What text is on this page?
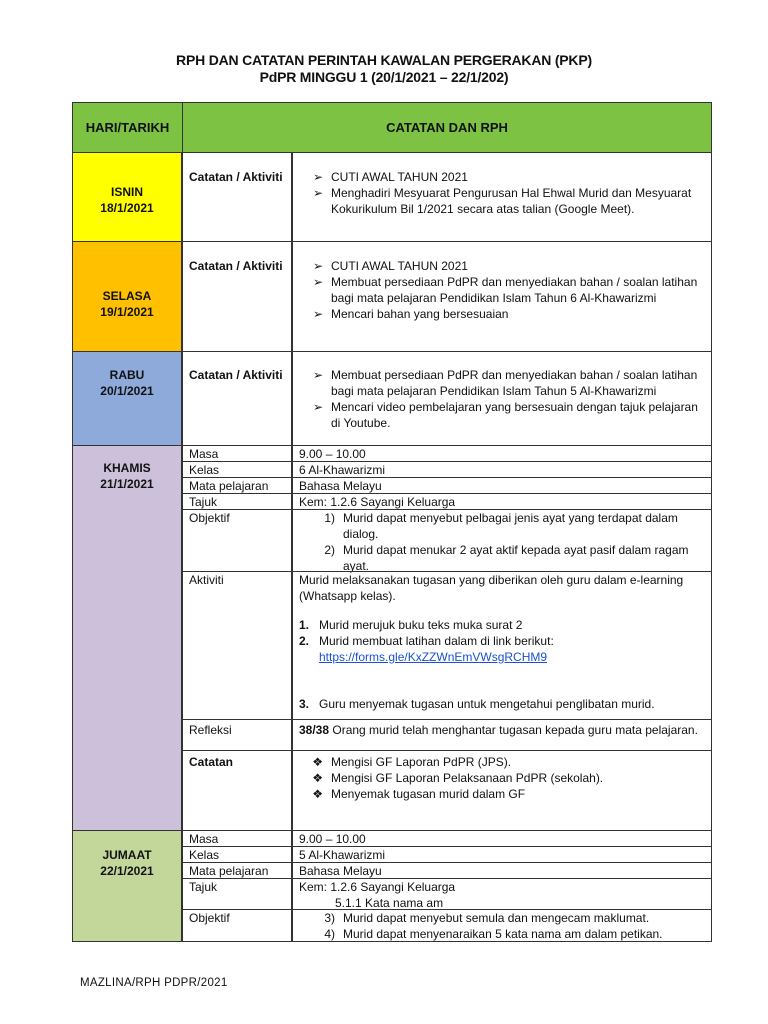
RPH DAN CATATAN PERINTAH KAWALAN PERGERAKAN (PKP)
PdPR MINGGU 1 (20/1/2021 – 22/1/202)
HARI/TARIKH	CATATAN DAN RPH
ISNIN
18/1/2021
Catatan / Aktiviti	➢ CUTI AWAL TAHUN 2021
➢ Menghadiri Mesyuarat Pengurusan Hal Ehwal Murid dan Mesyuarat Kokurikulum Bil 1/2021 secara atas talian (Google Meet).
SELASA
19/1/2021
Catatan / Aktiviti	➢ CUTI AWAL TAHUN 2021
➢ Membuat persediaan PdPR dan menyediakan bahan / soalan latihan bagi mata pelajaran Pendidikan Islam Tahun 6 Al-Khawarizmi
➢ Mencari bahan yang bersesuaian
RABU
20/1/2021
Catatan / Aktiviti	➢ Membuat persediaan PdPR dan menyediakan bahan / soalan latihan bagi mata pelajaran Pendidikan Islam Tahun 5 Al-Khawarizmi
➢ Mencari video pembelajaran yang bersesuain dengan tajuk pelajaran di Youtube.
KHAMIS
21/1/2021
Masa	9.00 – 10.00
Kelas	6 Al-Khawarizmi
Mata pelajaran	Bahasa Melayu
Tajuk	Kem: 1.2.6 Sayangi Keluarga
Objektif	1) Murid dapat menyebut pelbagai jenis ayat yang terdapat dalam dialog.
2) Murid dapat menukar 2 ayat aktif kepada ayat pasif dalam ragam ayat.
Aktiviti	Murid melaksanakan tugasan yang diberikan oleh guru dalam e-learning (Whatsapp kelas).
1. Murid merujuk buku teks muka surat 2
2. Murid membuat latihan dalam di link berikut:
https://forms.gle/KxZZWnEmVWsgRCHM9
3. Guru menyemak tugasan untuk mengetahui penglibatan murid.
Refleksi	38/38 Orang murid telah menghantar tugasan kepada guru mata pelajaran.
Catatan	❖ Mengisi GF Laporan PdPR (JPS).
❖ Mengisi GF Laporan Pelaksanaan PdPR (sekolah).
❖ Menyemak tugasan murid dalam GF
JUMAAT
22/1/2021
Masa	9.00 – 10.00
Kelas	5 Al-Khawarizmi
Mata pelajaran	Bahasa Melayu
Tajuk	Kem: 1.2.6 Sayangi Keluarga
5.1.1 Kata nama am
Objektif	3) Murid dapat menyebut semula dan mengecam maklumat.
4) Murid dapat menyenaraikan 5 kata nama am dalam petikan.
MAZLINA/RPH PDPR/2021
